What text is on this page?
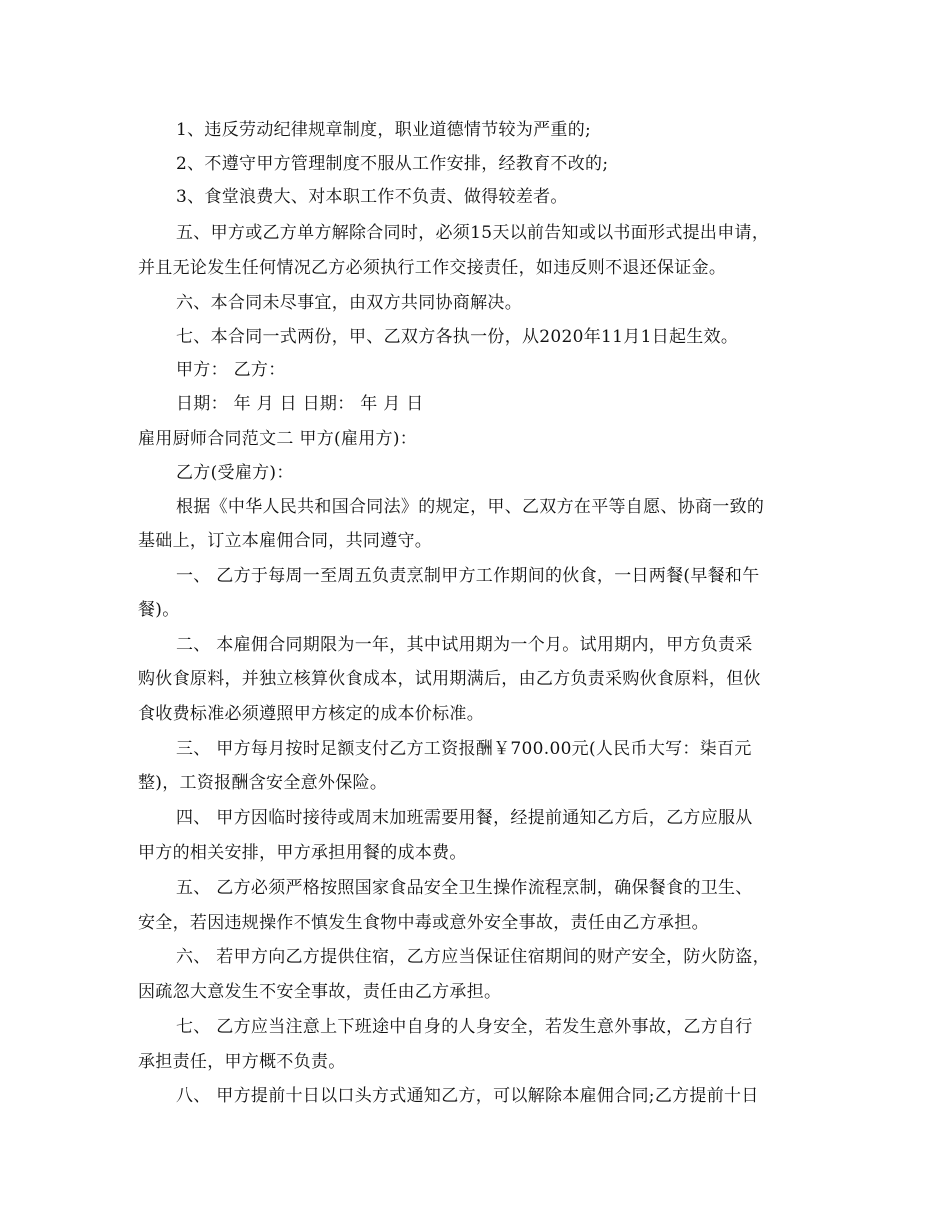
1、违反劳动纪律规章制度，职业道德情节较为严重的;
2、不遵守甲方管理制度不服从工作安排，经教育不改的;
3、食堂浪费大、对本职工作不负责、做得较差者。
五、甲方或乙方单方解除合同时，必须15天以前告知或以书面形式提出申请，
并且无论发生任何情况乙方必须执行工作交接责任，如违反则不退还保证金。
六、本合同未尽事宜，由双方共同协商解决。
七、本合同一式两份，甲、乙双方各执一份，从2020年11月1日起生效。
甲方： 乙方：
日期： 年 月 日 日期： 年 月 日
雇用厨师合同范文二 甲方(雇用方)：
乙方(受雇方)：
根据《中华人民共和国合同法》的规定，甲、乙双方在平等自愿、协商一致的
基础上，订立本雇佣合同，共同遵守。
一、 乙方于每周一至周五负责烹制甲方工作期间的伙食，一日两餐(早餐和午
餐)。
二、 本雇佣合同期限为一年，其中试用期为一个月。试用期内，甲方负责采
购伙食原料，并独立核算伙食成本，试用期满后，由乙方负责采购伙食原料，但伙
食收费标准必须遵照甲方核定的成本价标准。
三、 甲方每月按时足额支付乙方工资报酬￥700.00元(人民币大写：柒百元
整)，工资报酬含安全意外保险。
四、 甲方因临时接待或周末加班需要用餐，经提前通知乙方后，乙方应服从
甲方的相关安排，甲方承担用餐的成本费。
五、 乙方必须严格按照国家食品安全卫生操作流程烹制，确保餐食的卫生、
安全，若因违规操作不慎发生食物中毒或意外安全事故，责任由乙方承担。
六、 若甲方向乙方提供住宿，乙方应当保证住宿期间的财产安全，防火防盗，
因疏忽大意发生不安全事故，责任由乙方承担。
七、 乙方应当注意上下班途中自身的人身安全，若发生意外事故，乙方自行
承担责任，甲方概不负责。
八、 甲方提前十日以口头方式通知乙方，可以解除本雇佣合同;乙方提前十日
